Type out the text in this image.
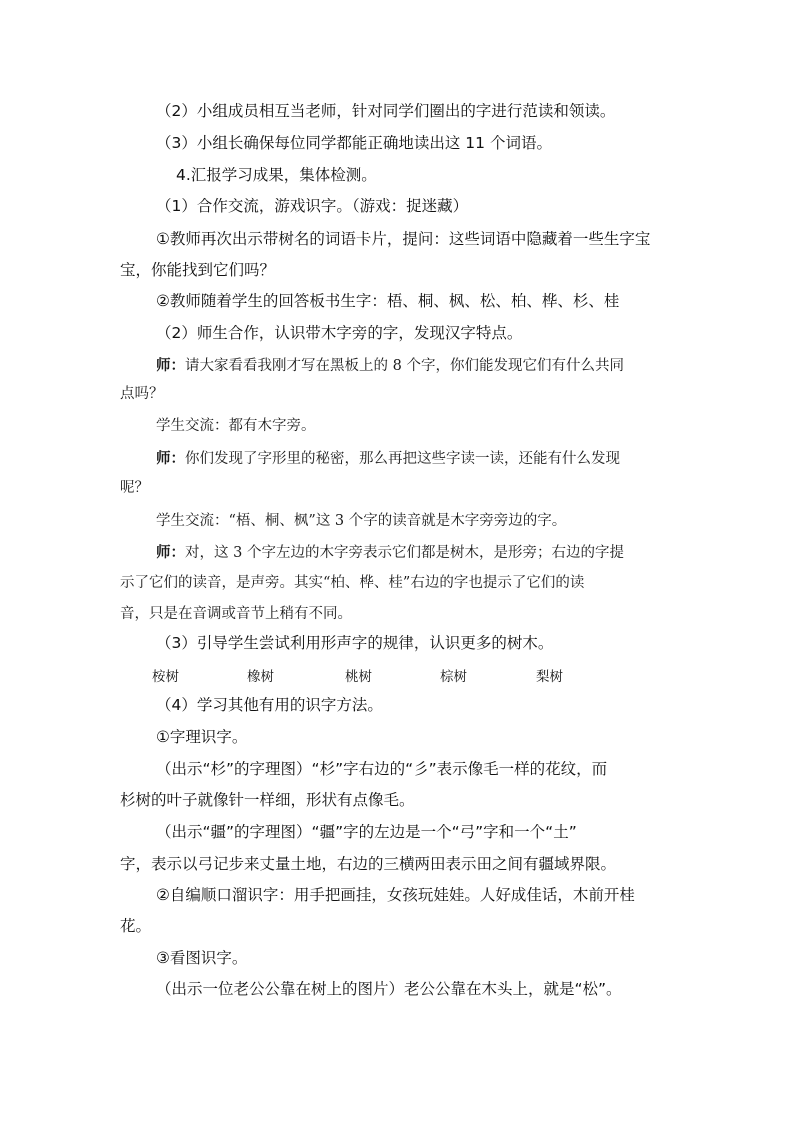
（2）小组成员相互当老师，针对同学们圈出的字进行范读和领读。
（3）小组长确保每位同学都能正确地读出这 11 个词语。
4.汇报学习成果，集体检测。
（1）合作交流，游戏识字。（游戏：捉迷藏）
①教师再次出示带树名的词语卡片，提问：这些词语中隐藏着一些生字宝
宝，你能找到它们吗？
②教师随着学生的回答板书生字：梧、桐、枫、松、柏、桦、杉、桂
（2）师生合作，认识带木字旁的字，发现汉字特点。
师：请大家看看我刚才写在黑板上的 8 个字，你们能发现它们有什么共同
点吗？
学生交流：都有木字旁。
师：你们发现了字形里的秘密，那么再把这些字读一读，还能有什么发现
呢？
学生交流：“梧、桐、枫”这 3 个字的读音就是木字旁旁边的字。
师：对，这 3 个字左边的木字旁表示它们都是树木，是形旁；右边的字提
示了它们的读音，是声旁。其实“柏、桦、桂”右边的字也提示了它们的读
音，只是在音调或音节上稍有不同。
（3）引导学生尝试利用形声字的规律，认识更多的树木。
桉树	橡树	桃树	棕树	梨树
（4）学习其他有用的识字方法。
①字理识字。
（出示“杉”的字理图）“杉”字右边的“彡”表示像毛一样的花纹，而
杉树的叶子就像针一样细，形状有点像毛。
（出示“疆”的字理图）“疆”字的左边是一个“弓”字和一个“土”
字，表示以弓记步来丈量土地，右边的三横两田表示田之间有疆域界限。
②自编顺口溜识字：用手把画挂，女孩玩娃娃。人好成佳话，木前开桂
花。
③看图识字。
（出示一位老公公靠在树上的图片）老公公靠在木头上，就是“松”。
